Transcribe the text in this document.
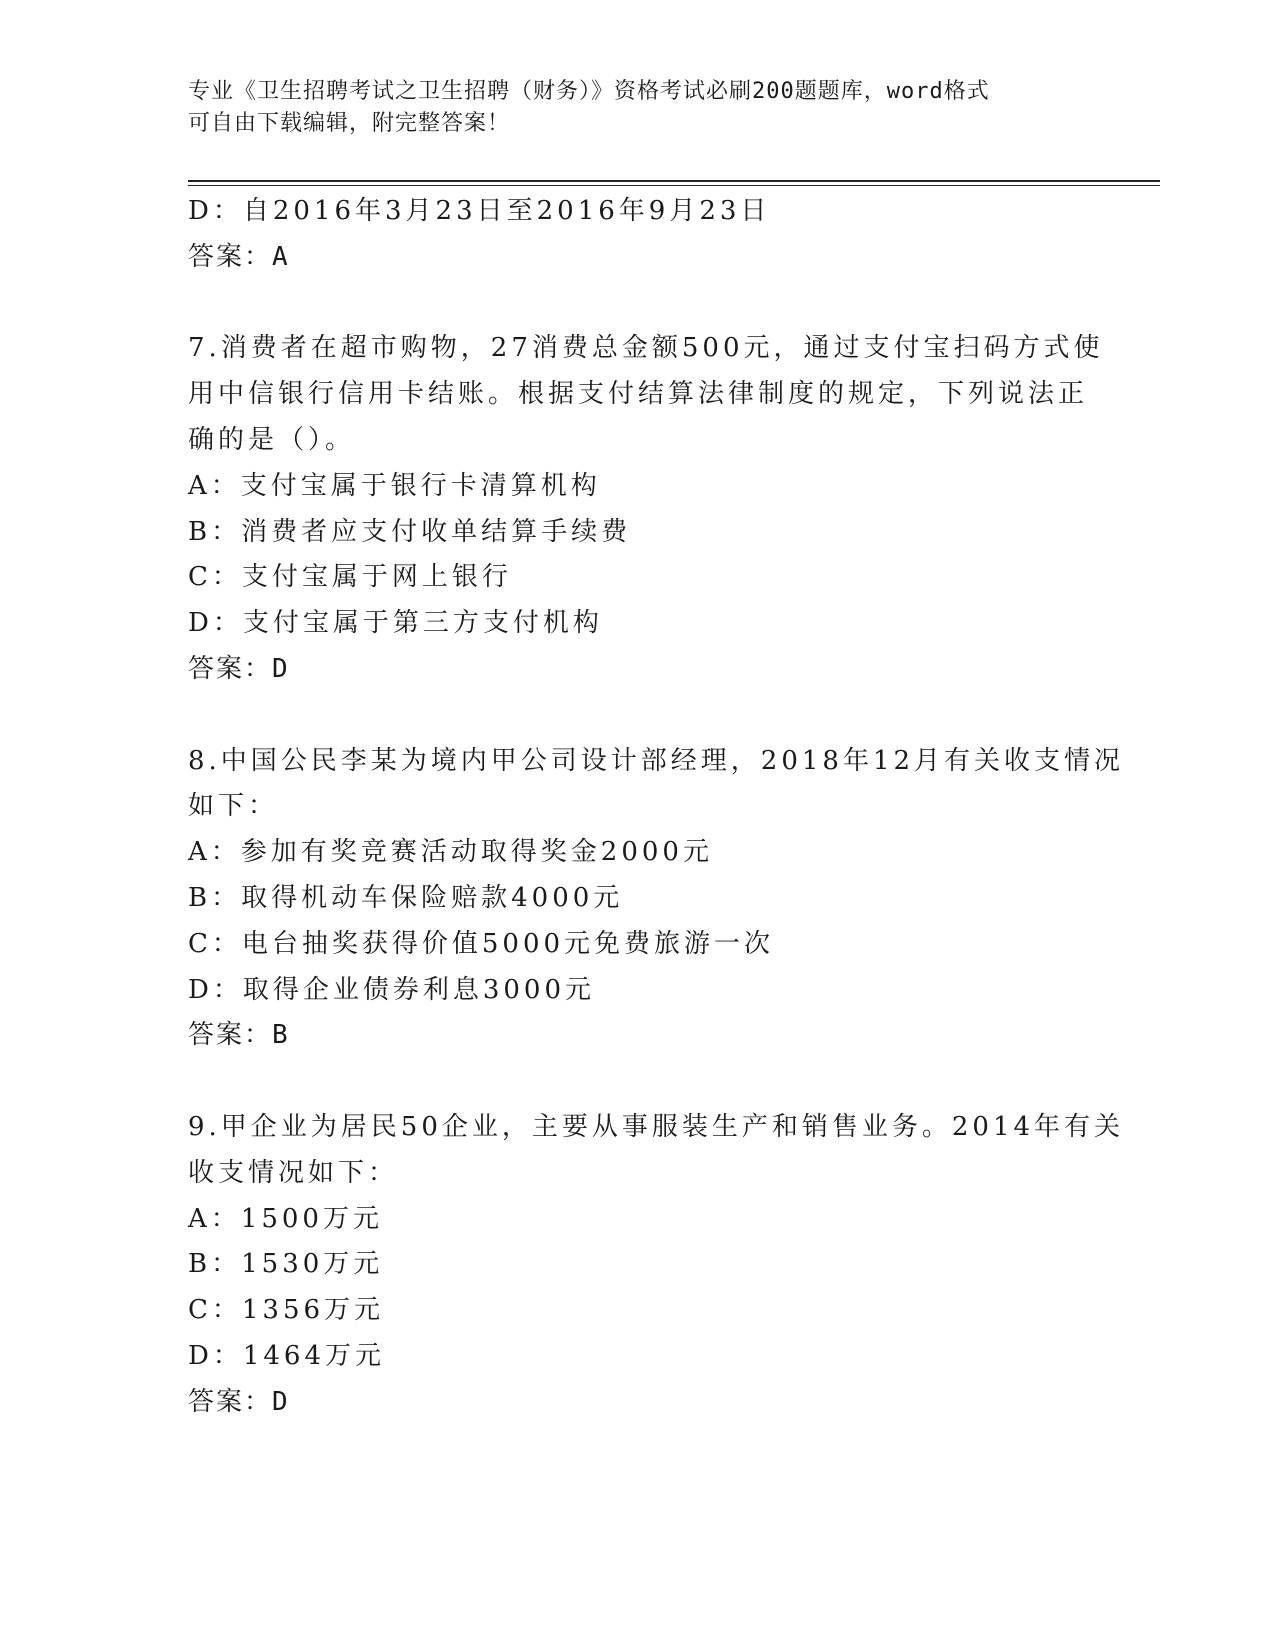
专业《卫生招聘考试之卫生招聘（财务）》资格考试必刷200题题库，word格式
可自由下载编辑，附完整答案！
D：自2016年3月23日至2016年9月23日
答案：A
7.消费者在超市购物，27消费总金额500元，通过支付宝扫码方式使
用中信银行信用卡结账。根据支付结算法律制度的规定，下列说法正
确的是（）。
A：支付宝属于银行卡清算机构
B：消费者应支付收单结算手续费
C：支付宝属于网上银行
D：支付宝属于第三方支付机构
答案：D
8.中国公民李某为境内甲公司设计部经理，2018年12月有关收支情况
如下：
A：参加有奖竞赛活动取得奖金2000元
B：取得机动车保险赔款4000元
C：电台抽奖获得价值5000元免费旅游一次
D：取得企业债券利息3000元
答案：B
9.甲企业为居民50企业，主要从事服装生产和销售业务。2014年有关
收支情况如下：
A：1500万元
B：1530万元
C：1356万元
D：1464万元
答案：D
